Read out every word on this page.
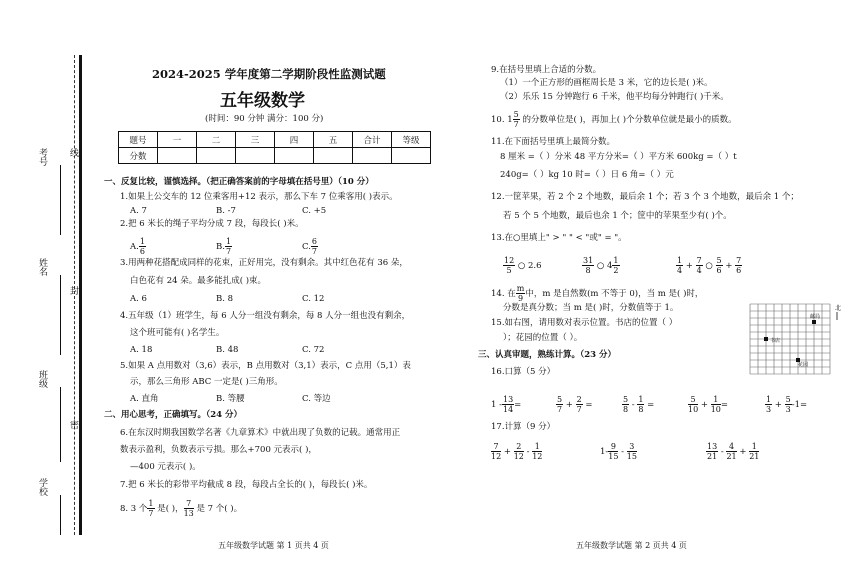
考号
姓名
班级
学校
线
封
密
2024-2025 学年度第二学期阶段性监测试题
五年级数学
(时间：90 分钟 满分：100 分)
题号	一	二	三	四	五	合计	等级
分数							
一、反复比较，谨慎选择。（把正确答案前的字母填在括号里）（10 分）
1.如果上公交车的 12 位乘客用+12 表示，那么下车 7 位乘客用( )表示。
A. 7	B. -7	C. +5
2.把 6 米长的绳子平均分成 7 段，每段长( )米。
A. $\frac{1}{6}$	B. $\frac{1}{7}$	C. $\frac{6}{7}$
3.用两种花搭配成同样的花束，正好用完，没有剩余。其中红色花有 36 朵，
白色花有 24 朵。最多能扎成( )束。
A. 6	B. 8	C. 12
4.五年级（1）班学生，每 6 人分一组没有剩余，每 8 人分一组也没有剩余，
这个班可能有( )名学生。
A. 18	B. 48	C. 72
5.如果 A 点用数对（3,6）表示，B 点用数对（3,1）表示，C 点用（5,1）表
示，那么三角形 ABC 一定是( )三角形。
A. 直角	B. 等腰	C. 等边
二、用心思考，正确填写。（24 分）
6.在东汉时期我国数学名著《九章算术》中就出现了负数的记载。通常用正
数表示盈利，负数表示亏损。那么+700 元表示( )，
—400 元表示( )。
7.把 6 米长的彩带平均截成 8 段，每段占全长的( )，每段长( )米。
8. 3 个 $\frac{1}{7}$ 是( )， $\frac{7}{13}$ 是 7 个( )。
9.在括号里填上合适的分数。
（1）一个正方形的画框周长是 3 米，它的边长是( )米。
（2）乐乐 15 分钟跑行 6 千米，他平均每分钟跑行( )千米。
10. $1 \frac{5}{7}$ 的分数单位是( )，再加上( )个分数单位就是最小的质数。
11.在下面括号里填上最简分数。
8 厘米 =（ ）分米 48 平方分米=（ ）平方米 600kg =（ ）t
240g=（ ）kg 10 时=（ ）日 6 角=（ ）元
12.一筐苹果，若 2 个 2 个地数，最后余 1 个；若 3 个 3 个地数，最后余 1 个；
若 5 个 5 个地数，最后也余 1 个；筐中的苹果至少有( )个。
13.在○里填上" > " " < "或" = "。
$\frac{12}{5}$ ○ 2.6	$\frac{31}{8}$ ○ $4 \frac{1}{2}$	$\frac{1}{4} + \frac{7}{4}$ ○ $\frac{5}{6} + \frac{7}{6}$
14. 在 $\frac{m}{9}$ 中，m 是自然数(m 不等于 0)，当 m 是( )时，
分数是真分数；当 m 是( )时，分数值等于 1。
15.如右图，请用数对表示位置。书店的位置（ ）
）；花园的位置（ ）。	书店
邮局
花园
北
三、认真审题，熟练计算。（23 分）
16.口算（5 分）
$1 - \frac{13}{14}$ =	$\frac{5}{7} + \frac{2}{7}$ =	$\frac{5}{8} - \frac{1}{8}$ =	$\frac{5}{10} + \frac{1}{10}$ =	$\frac{1}{3} + \frac{5}{3} -1=$
17.计算（9 分）
$\frac{7}{12} + \frac{2}{12} - \frac{1}{12}$	$1- \frac{9}{15} - \frac{3}{15}$	$\frac{13}{21} - \frac{4}{21} + \frac{1}{21}$
五年级数学试题 第 1 页共 4 页	五年级数学试题 第 2 页共 4 页
